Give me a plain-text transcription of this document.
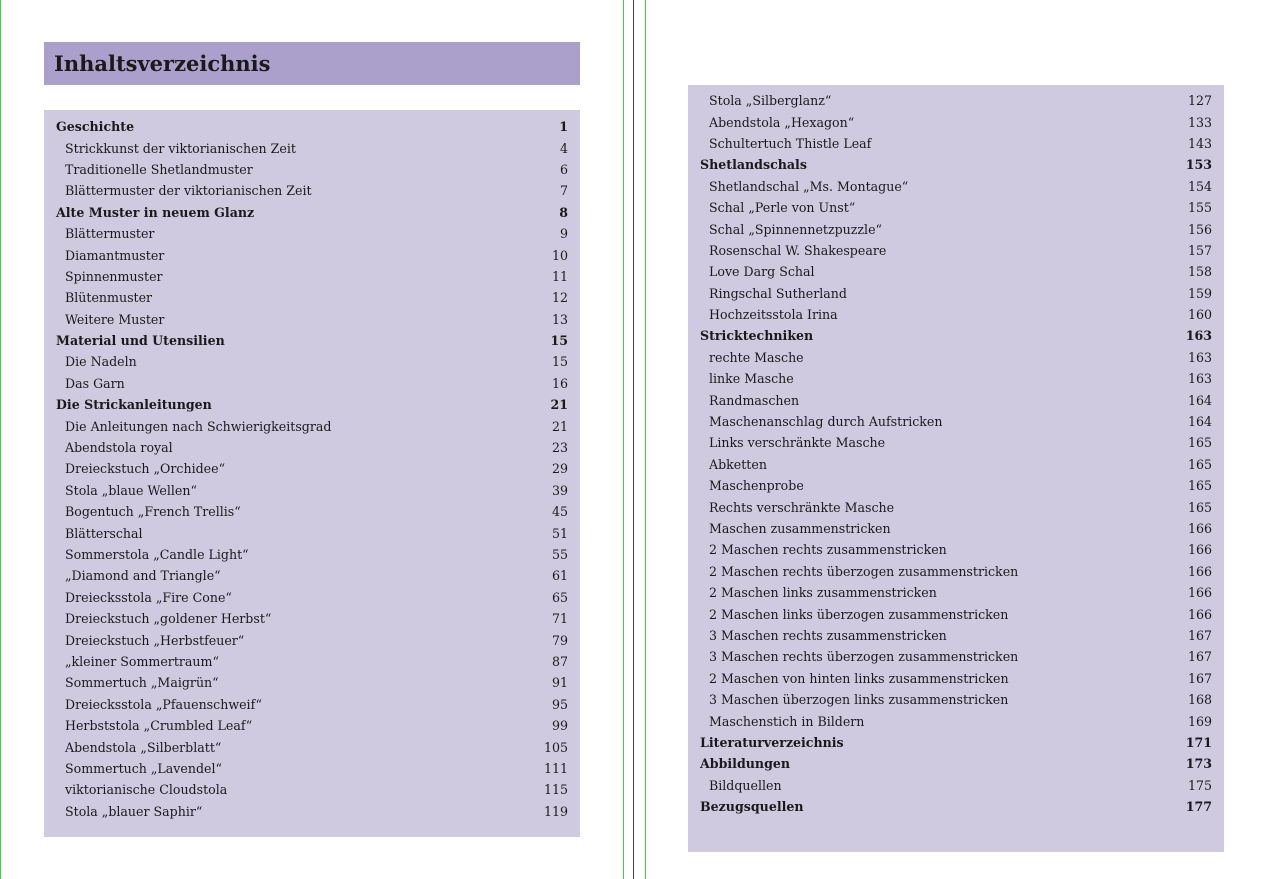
Inhaltsverzeichnis
Geschichte	1
Strickkunst der viktorianischen Zeit	4
Traditionelle Shetlandmuster	6
Blättermuster der viktorianischen Zeit	7
Alte Muster in neuem Glanz	8
Blättermuster	9
Diamantmuster	10
Spinnenmuster	11
Blütenmuster	12
Weitere Muster	13
Material und Utensilien	15
Die Nadeln	15
Das Garn	16
Die Strickanleitungen	21
Die Anleitungen nach Schwierigkeitsgrad	21
Abendstola royal	23
Dreieckstuch „Orchidee“	29
Stola „blaue Wellen“	39
Bogentuch „French Trellis“	45
Blätterschal	51
Sommerstola „Candle Light“	55
„Diamond and Triangle“	61
Dreiecksstola „Fire Cone“	65
Dreieckstuch „goldener Herbst“	71
Dreieckstuch „Herbstfeuer“	79
„kleiner Sommertraum“	87
Sommertuch „Maigrün“	91
Dreiecksstola „Pfauenschweif“	95
Herbststola „Crumbled Leaf“	99
Abendstola „Silberblatt“	105
Sommertuch „Lavendel“	111
viktorianische Cloudstola	115
Stola „blauer Saphir“	119
Stola „Silberglanz“	127
Abendstola „Hexagon“	133
Schultertuch Thistle Leaf	143
Shetlandschals	153
Shetlandschal „Ms. Montague“	154
Schal „Perle von Unst“	155
Schal „Spinnennetzpuzzle“	156
Rosenschal W. Shakespeare	157
Love Darg Schal	158
Ringschal Sutherland	159
Hochzeitsstola Irina	160
Stricktechniken	163
rechte Masche	163
linke Masche	163
Randmaschen	164
Maschenanschlag durch Aufstricken	164
Links verschränkte Masche	165
Abketten	165
Maschenprobe	165
Rechts verschränkte Masche	165
Maschen zusammenstricken	166
2 Maschen rechts zusammenstricken	166
2 Maschen rechts überzogen zusammenstricken	166
2 Maschen links zusammenstricken	166
2 Maschen links überzogen zusammenstricken	166
3 Maschen rechts zusammenstricken	167
3 Maschen rechts überzogen zusammenstricken	167
2 Maschen von hinten links zusammenstricken	167
3 Maschen überzogen links zusammenstricken	168
Maschenstich in Bildern	169
Literaturverzeichnis	171
Abbildungen	173
Bildquellen	175
Bezugsquellen	177
